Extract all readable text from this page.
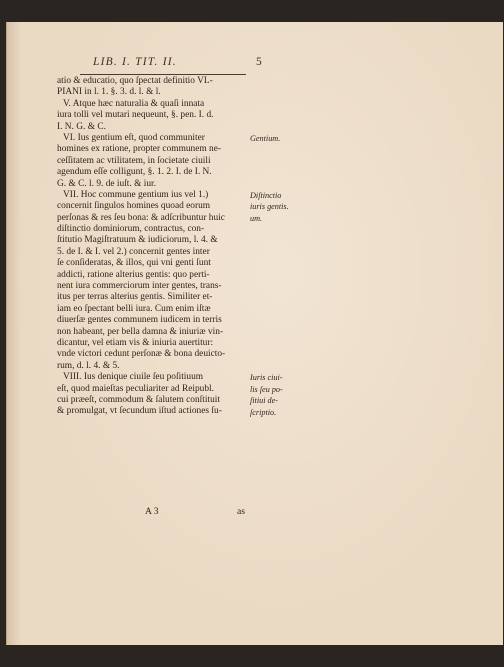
LIB. I. TIT. II.	5
atio & educatio, quo ſpectat definitio VL-
PIANI in l. 1. §. 3. d. l. & l.
V. Atque hæc naturalia & quaſi innata
iura tolli vel mutari nequeunt, §. pen. I. d.
I. N. G. & C.
VI. Ius gentium eſt, quod communiter
homines ex ratione, propter communem ne-
ceſſitatem ac vtilitatem, in ſocietate ciuili
agendum eſſe colligunt, §. 1. 2. I. de I. N.
G. & C. l. 9. de iuſt. & iur.
VII. Hoc commune gentium ius vel 1.)
concernit ſingulos homines quoad eorum
perſonas & res ſeu bona: & adſcribuntur huic
diſtinctio dominiorum, contractus, con-
ſtitutio Magiſtratuum & iudiciorum, l. 4. &
5. de I. & I. vel 2.) concernit gentes inter
ſe conſideratas, & illos, qui vni genti ſunt
addicti, ratione alterius gentis: quo perti-
nent iura commerciorum inter gentes, trans-
itus per terras alterius gentis. Similiter et-
iam eo ſpectant belli iura. Cum enim iſtæ
diuerſæ gentes communem iudicem in terris
non habeant, per bella damna & iniuriæ vin-
dicantur, vel etiam vis & iniuria auertitur:
vnde victori cedunt perſonæ & bona deuicto-
rum, d. l. 4. & 5.
VIII. Ius denique ciuile ſeu poſitiuum
eſt, quod maieſtas peculiariter ad Reipubl.
cui præeſt, commodum & ſalutem conſtituit
& promulgat, vt ſecundum iſtud actiones ſu-
Gentium.
Diſtinctio
iuris gentis.
um.
Iuris ciui-
lis ſeu po-
ſitiui de-
ſcriptio.
A 3	as
